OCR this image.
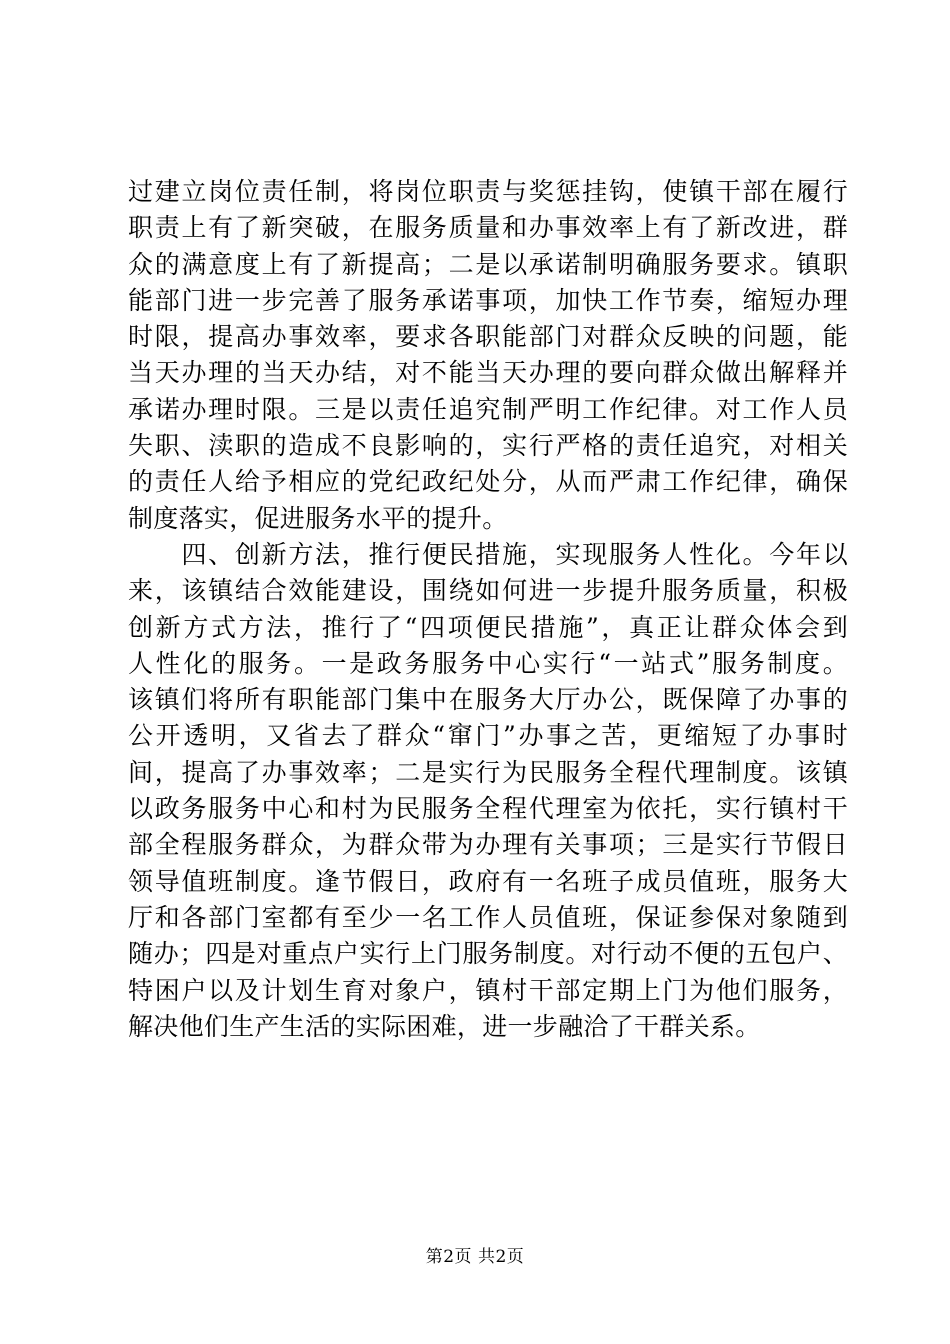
过建立岗位责任制，将岗位职责与奖惩挂钩，使镇干部在履行
职责上有了新突破，在服务质量和办事效率上有了新改进，群
众的满意度上有了新提高；二是以承诺制明确服务要求。镇职
能部门进一步完善了服务承诺事项，加快工作节奏，缩短办理
时限，提高办事效率，要求各职能部门对群众反映的问题，能
当天办理的当天办结，对不能当天办理的要向群众做出解释并
承诺办理时限。三是以责任追究制严明工作纪律。对工作人员
失职、渎职的造成不良影响的，实行严格的责任追究，对相关
的责任人给予相应的党纪政纪处分，从而严肃工作纪律，确保
制度落实，促进服务水平的提升。
　　四、创新方法，推行便民措施，实现服务人性化。今年以
来，该镇结合效能建设，围绕如何进一步提升服务质量，积极
创新方式方法，推行了“四项便民措施”，真正让群众体会到
人性化的服务。一是政务服务中心实行“一站式”服务制度。
该镇们将所有职能部门集中在服务大厅办公，既保障了办事的
公开透明，又省去了群众“窜门”办事之苦，更缩短了办事时
间，提高了办事效率；二是实行为民服务全程代理制度。该镇
以政务服务中心和村为民服务全程代理室为依托，实行镇村干
部全程服务群众，为群众带为办理有关事项；三是实行节假日
领导值班制度。逢节假日，政府有一名班子成员值班，服务大
厅和各部门室都有至少一名工作人员值班，保证参保对象随到
随办；四是对重点户实行上门服务制度。对行动不便的五包户、
特困户以及计划生育对象户，镇村干部定期上门为他们服务，
解决他们生产生活的实际困难，进一步融洽了干群关系。
第2页 共2页
